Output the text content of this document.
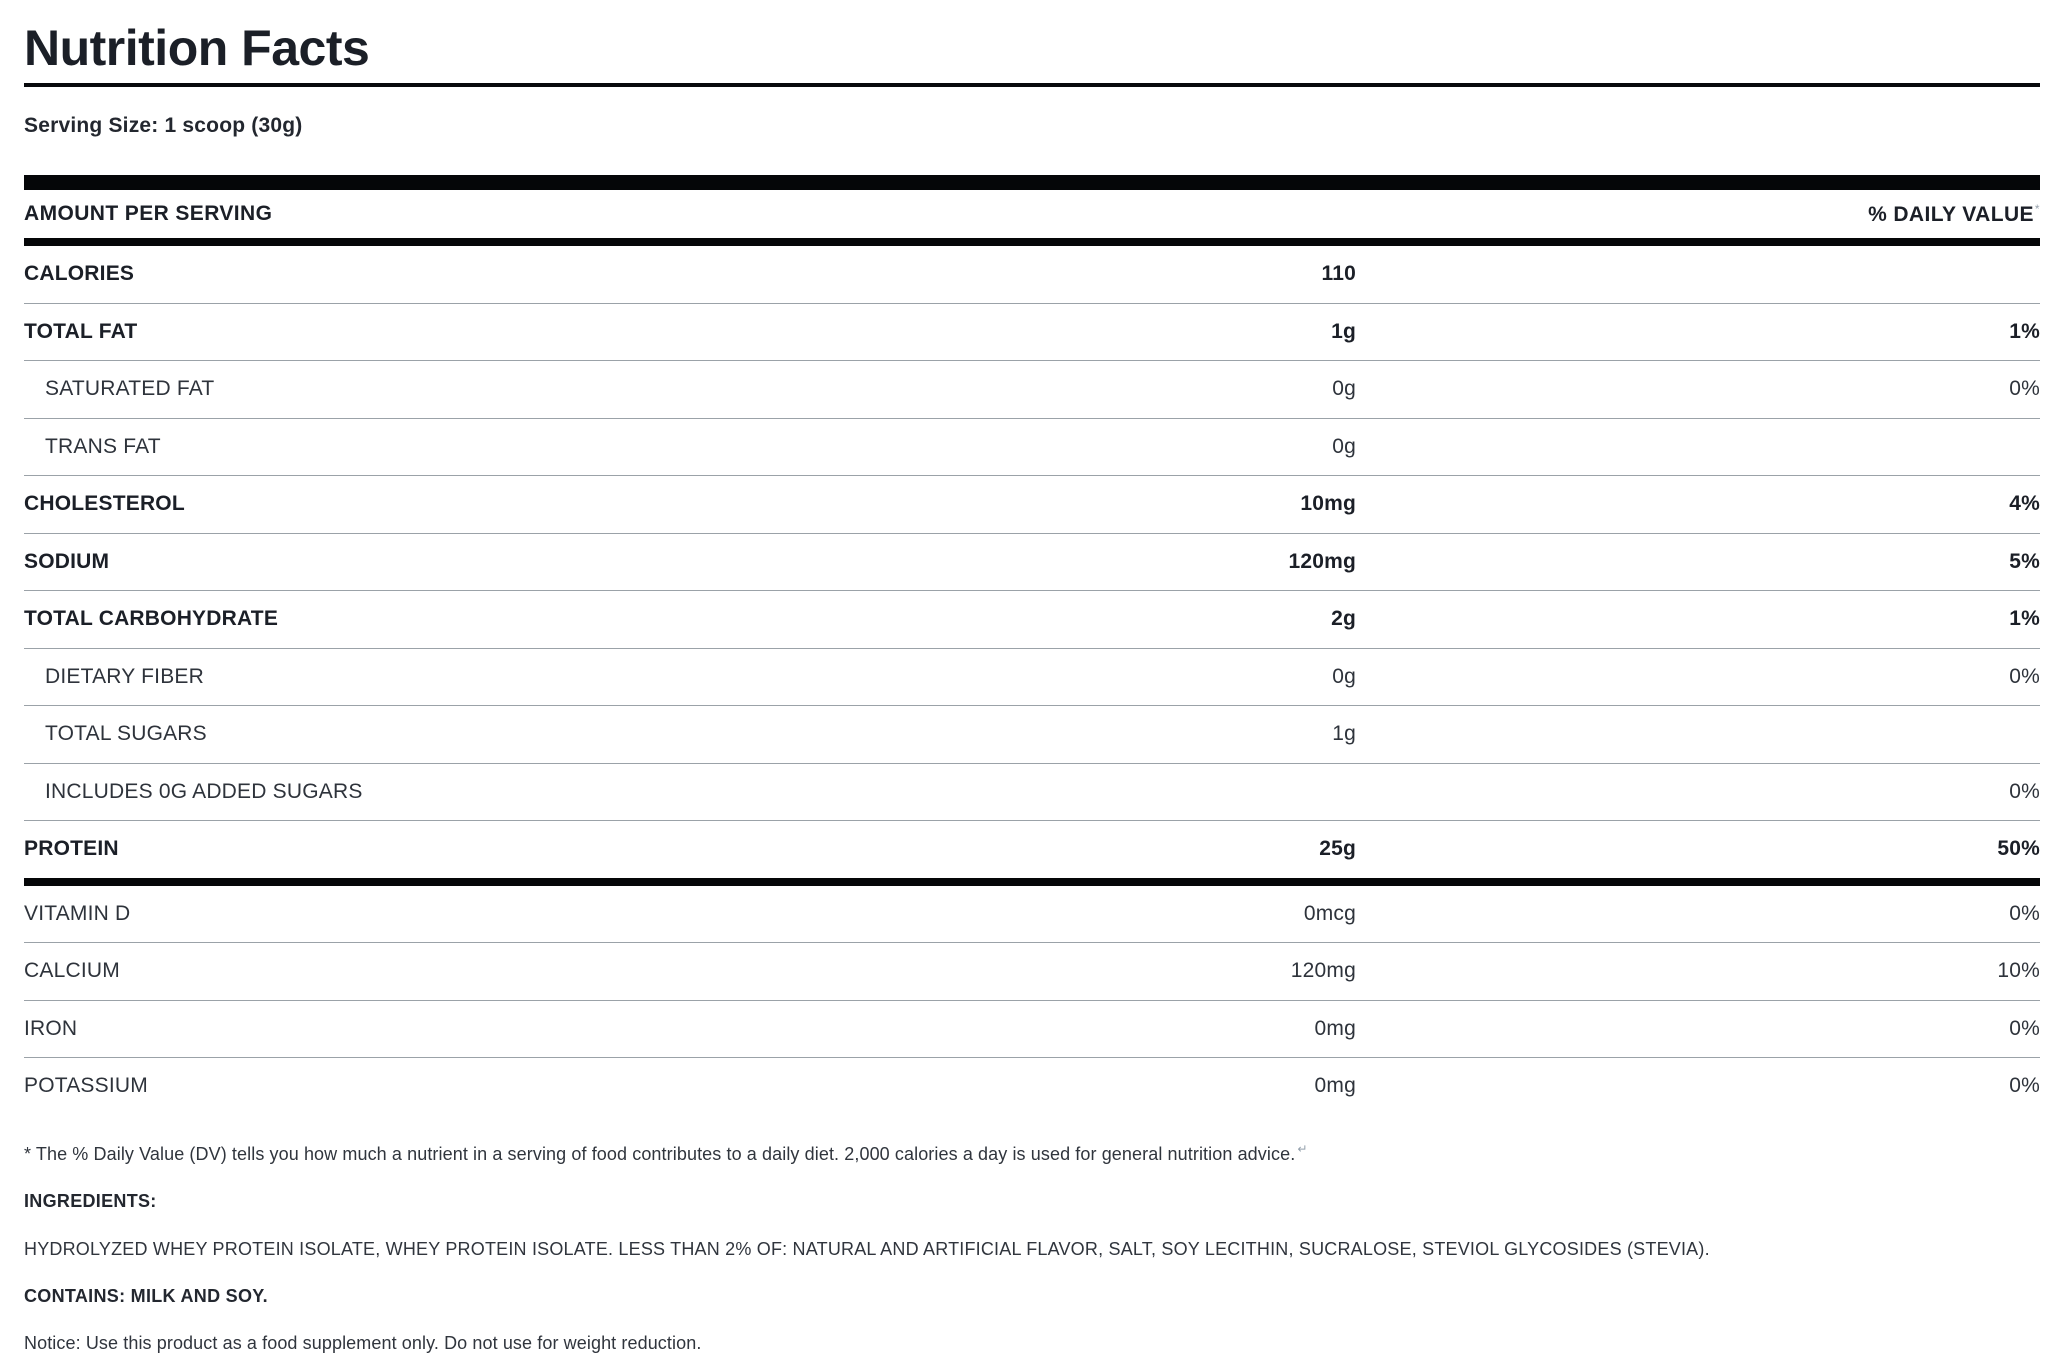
Nutrition Facts
Serving Size: 1 scoop (30g)
AMOUNT PER SERVING	% DAILY VALUE*
CALORIES	110
TOTAL FAT	1g	1%
SATURATED FAT	0g	0%
TRANS FAT	0g
CHOLESTEROL	10mg	4%
SODIUM	120mg	5%
TOTAL CARBOHYDRATE	2g	1%
DIETARY FIBER	0g	0%
TOTAL SUGARS	1g
INCLUDES 0G ADDED SUGARS	0%
PROTEIN	25g	50%
VITAMIN D	0mcg	0%
CALCIUM	120mg	10%
IRON	0mg	0%
POTASSIUM	0mg	0%
* The % Daily Value (DV) tells you how much a nutrient in a serving of food contributes to a daily diet. 2,000 calories a day is used for general nutrition advice. ↵
INGREDIENTS:
HYDROLYZED WHEY PROTEIN ISOLATE, WHEY PROTEIN ISOLATE. LESS THAN 2% OF: NATURAL AND ARTIFICIAL FLAVOR, SALT, SOY LECITHIN, SUCRALOSE, STEVIOL GLYCOSIDES (STEVIA).
CONTAINS: MILK AND SOY.
Notice: Use this product as a food supplement only. Do not use for weight reduction.
